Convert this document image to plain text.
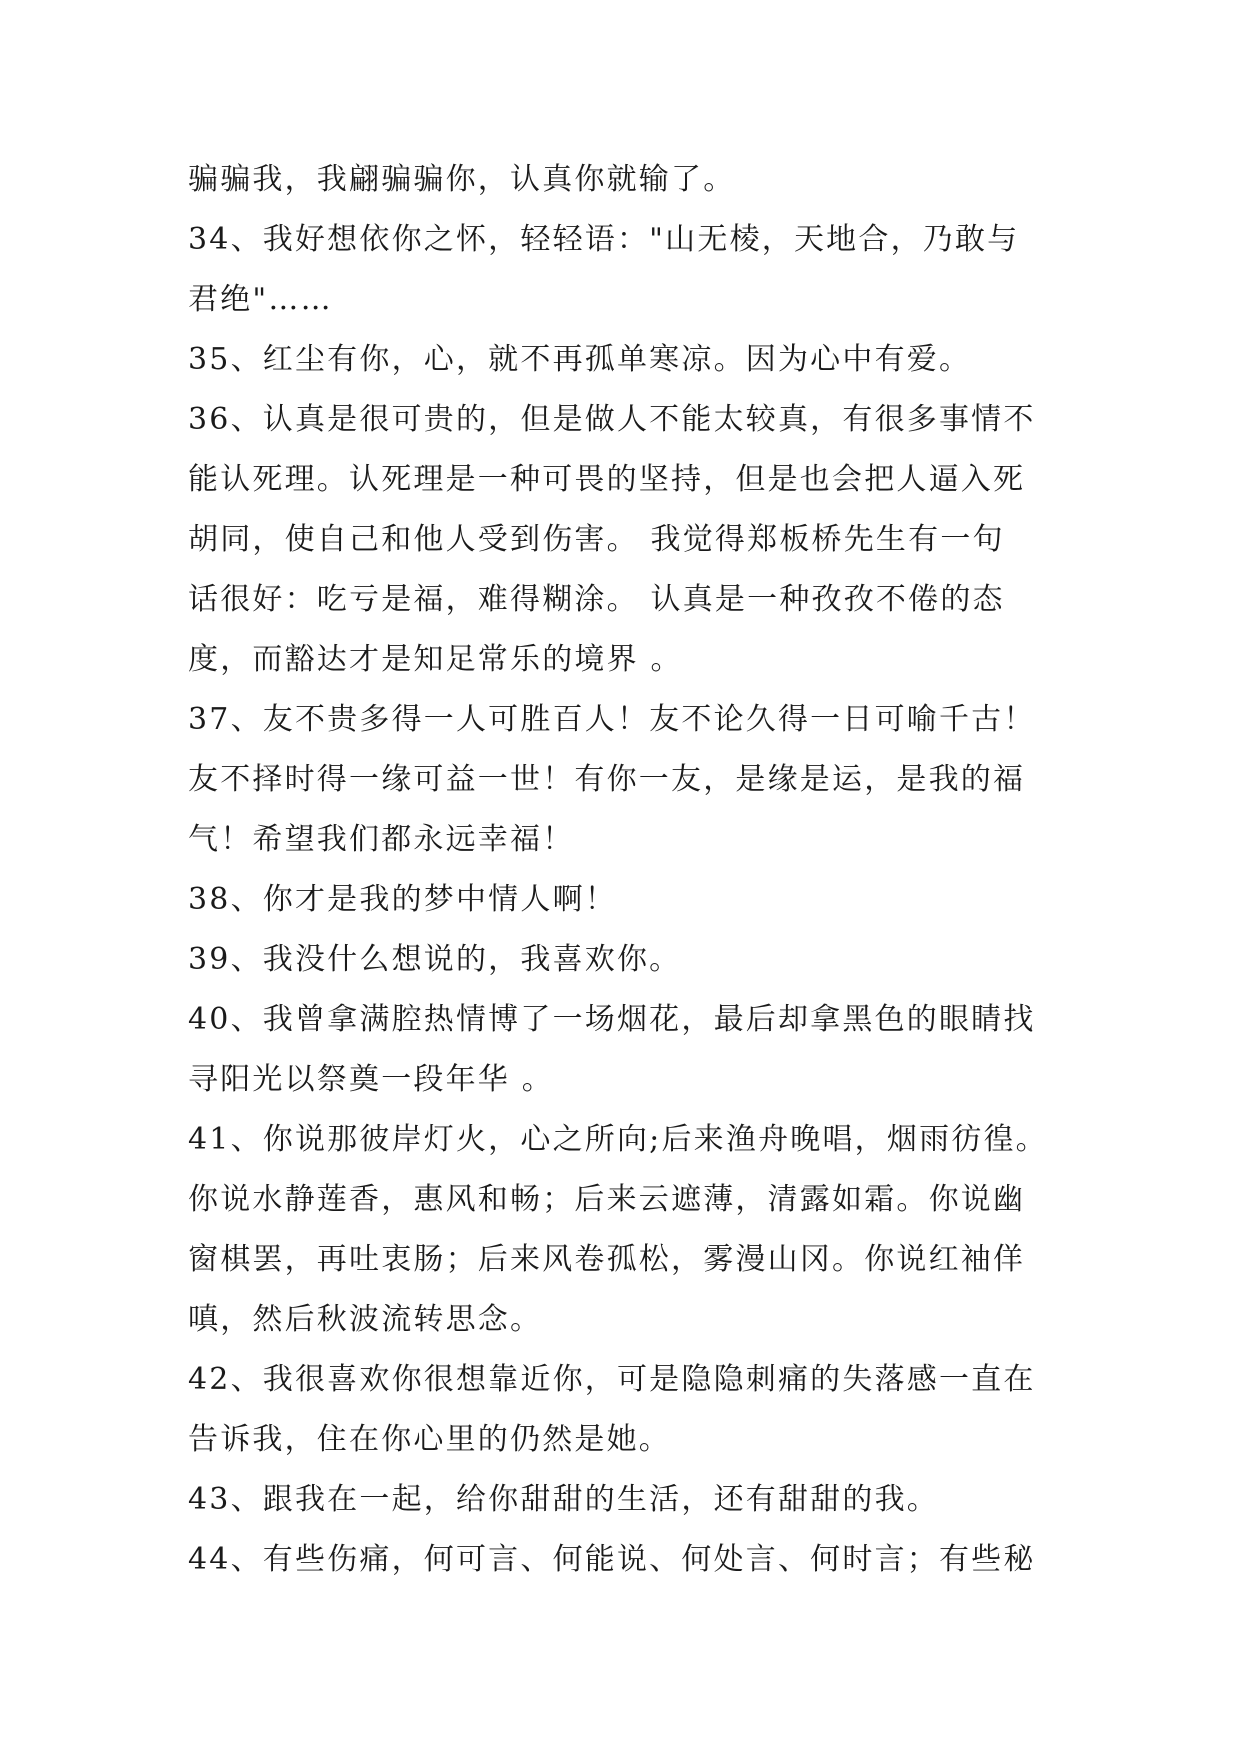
骗骗我，我翩骗骗你，认真你就输了。
34、我好想依你之怀，轻轻语："山无棱，天地合，乃敢与
君绝"……
35、红尘有你，心，就不再孤单寒凉。因为心中有爱。
36、认真是很可贵的，但是做人不能太较真，有很多事情不
能认死理。认死理是一种可畏的坚持，但是也会把人逼入死
胡同，使自己和他人受到伤害。 我觉得郑板桥先生有一句
话很好：吃亏是福，难得糊涂。 认真是一种孜孜不倦的态
度，而豁达才是知足常乐的境界 。
37、友不贵多得一人可胜百人！友不论久得一日可喻千古！
友不择时得一缘可益一世！有你一友，是缘是运，是我的福
气！希望我们都永远幸福！
38、你才是我的梦中情人啊！
39、我没什么想说的，我喜欢你。
40、我曾拿满腔热情博了一场烟花，最后却拿黑色的眼睛找
寻阳光以祭奠一段年华 。
41、你说那彼岸灯火，心之所向;后来渔舟晚唱，烟雨彷徨。
你说水静莲香，惠风和畅；后来云遮薄，清露如霜。你说幽
窗棋罢，再吐衷肠；后来风卷孤松，雾漫山冈。你说红袖佯
嗔，然后秋波流转思念。
42、我很喜欢你很想靠近你，可是隐隐刺痛的失落感一直在
告诉我，住在你心里的仍然是她。
43、跟我在一起，给你甜甜的生活，还有甜甜的我。
44、有些伤痛，何可言、何能说、何处言、何时言；有些秘
